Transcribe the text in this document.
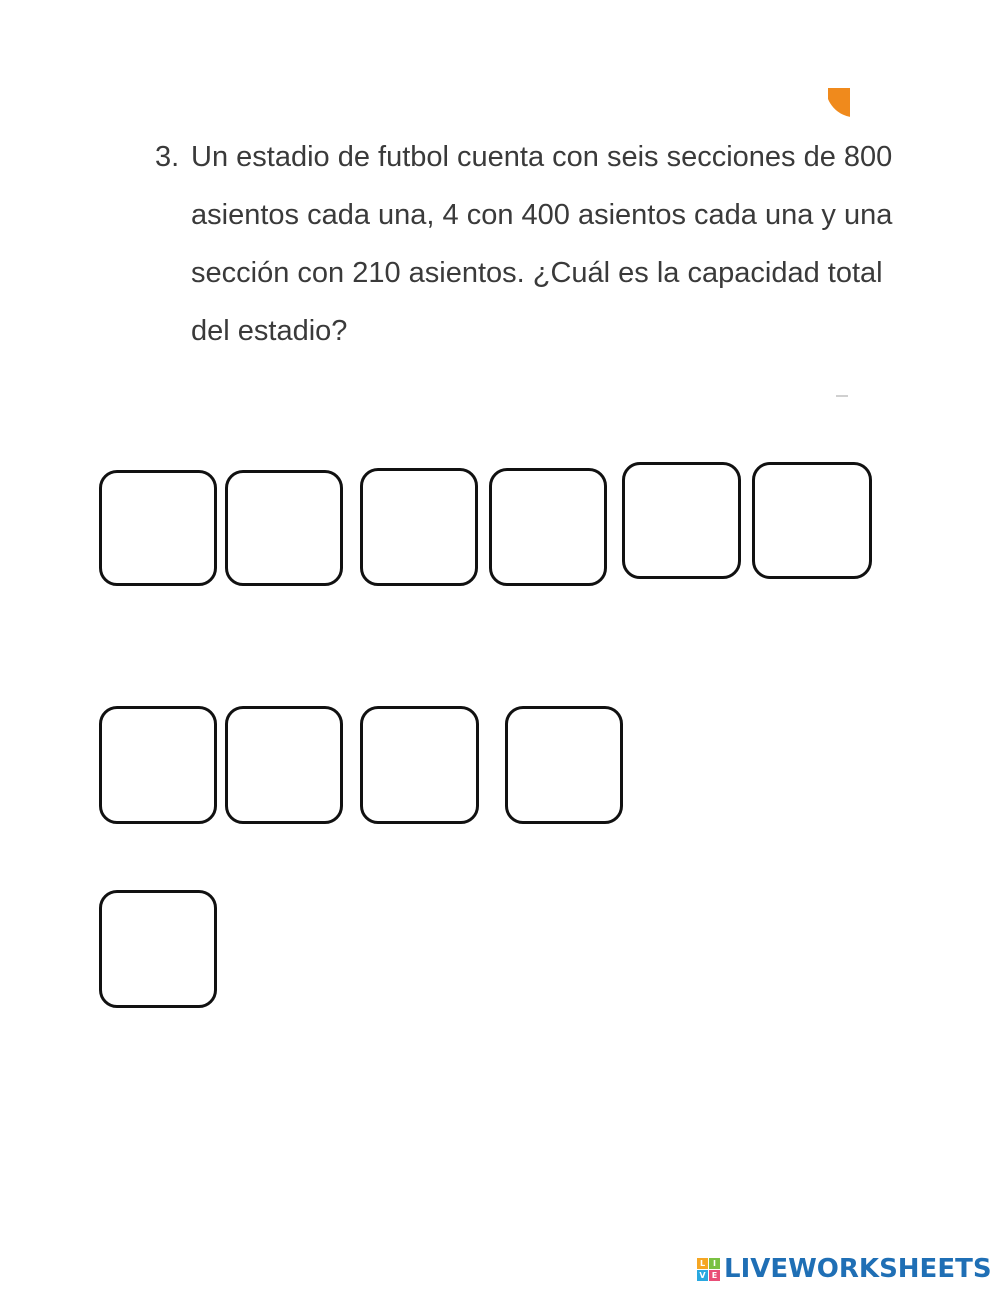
3. Un estadio de futbol cuenta con seis secciones de 800
asientos cada una, 4 con 400 asientos cada una y una
sección con 210 asientos. ¿Cuál es la capacidad total
del estadio?
L I
V E LIVEWORKSHEETS
